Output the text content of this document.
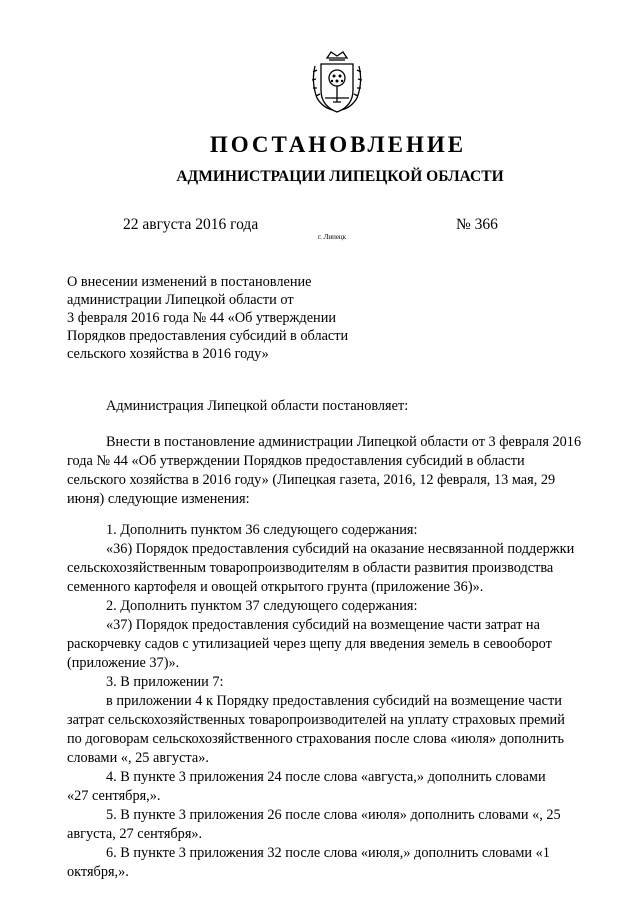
ПОСТАНОВЛЕНИЕ
АДМИНИСТРАЦИИ ЛИПЕЦКОЙ ОБЛАСТИ
22 августа 2016 года
г. Липецк
№ 366
О внесении изменений в постановление
администрации Липецкой области от
3 февраля 2016 года № 44 «Об утверждении
Порядков предоставления субсидий в области
сельского хозяйства в 2016 году»
Администрация Липецкой области постановляет:
Внести в постановление администрации Липецкой области от 3 февраля 2016
года № 44 «Об утверждении Порядков предоставления субсидий в области
сельского хозяйства в 2016 году» (Липецкая газета, 2016, 12 февраля, 13 мая, 29
июня) следующие изменения:
1. Дополнить пунктом 36 следующего содержания:
«36) Порядок предоставления субсидий на оказание несвязанной поддержки
сельскохозяйственным товаропроизводителям в области развития производства
семенного картофеля и овощей открытого грунта (приложение 36)».
2. Дополнить пунктом 37 следующего содержания:
«37) Порядок предоставления субсидий на возмещение части затрат на
раскорчевку садов с утилизацией через щепу для введения земель в севооборот
(приложение 37)».
3. В приложении 7:
в приложении 4 к Порядку предоставления субсидий на возмещение части
затрат сельскохозяйственных товаропроизводителей на уплату страховых премий
по договорам сельскохозяйственного страхования после слова «июля» дополнить
словами «, 25 августа».
4. В пункте 3 приложения 24 после слова «августа,» дополнить словами
«27 сентября,».
5. В пункте 3 приложения 26 после слова «июля» дополнить словами «, 25
августа, 27 сентября».
6. В пункте 3 приложения 32 после слова «июля,» дополнить словами «1
октября,».
